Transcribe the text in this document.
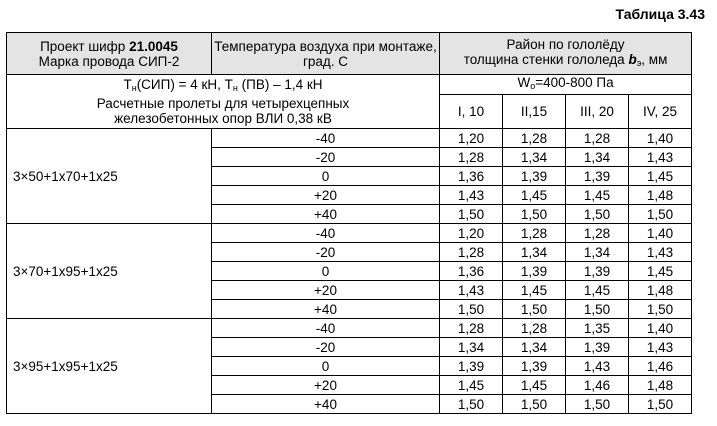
Таблица 3.43
Проект шифр 21.0045
Марка провода СИП-2	Температура воздуха при монтаже, град. С	Район по гололёду
толщина стенки гололеда $b_э$, мм			
$Т_н(СИП) = 4$ кН, $Т_н$ (ПВ) – 1,4 кН
Расчетные пролеты для четырехцепных
железобетонных опор ВЛИ 0,38 кВ		$W_o=400-800$ Па			
		I, 10	II,15	III, 20	IV, 25
3×50+1x70+1x25	-40	1,20	1,28	1,28	1,40
	-20	1,28	1,34	1,34	1,43
	0	1,36	1,39	1,39	1,45
	+20	1,43	1,45	1,45	1,48
	+40	1,50	1,50	1,50	1,50
3×70+1x95+1x25	-40	1,20	1,28	1,28	1,40
	-20	1,28	1,34	1,34	1,43
	0	1,36	1,39	1,39	1,45
	+20	1,43	1,45	1,45	1,48
	+40	1,50	1,50	1,50	1,50
3×95+1x95+1x25	-40	1,28	1,28	1,35	1,40
	-20	1,34	1,34	1,39	1,43
	0	1,39	1,39	1,43	1,46
	+20	1,45	1,45	1,46	1,48
	+40	1,50	1,50	1,50	1,50
